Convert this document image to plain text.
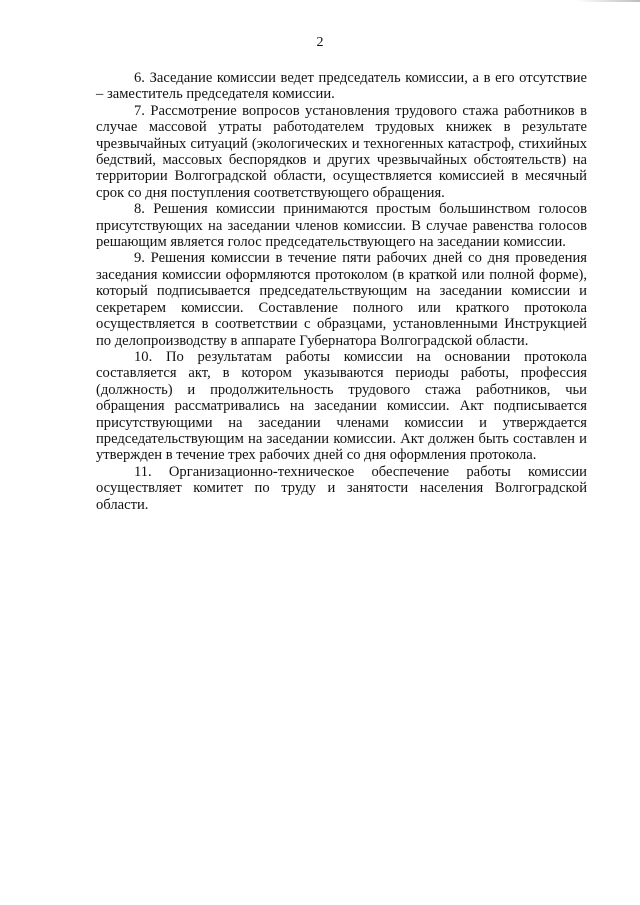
2

6. Заседание комиссии ведет председатель комиссии, а в его отсутствие – заместитель председателя комиссии.

7. Рассмотрение вопросов установления трудового стажа работников в случае массовой утраты работодателем трудовых книжек в результате чрезвычайных ситуаций (экологических и техногенных катастроф, стихийных бедствий, массовых беспорядков и других чрезвычайных обстоятельств) на территории Волгоградской области, осуществляется комиссией в месячный срок со дня поступления соответствующего обращения.

8. Решения комиссии принимаются простым большинством голосов присутствующих на заседании членов комиссии. В случае равенства голосов решающим является голос председательствующего на заседании комиссии.

9. Решения комиссии в течение пяти рабочих дней со дня проведения заседания комиссии оформляются протоколом (в краткой или полной форме), который подписывается председательствующим на заседании комиссии и секретарем комиссии. Составление полного или краткого протокола осуществляется в соответствии с образцами, установленными Инструкцией по делопроизводству в аппарате Губернатора Волгоградской области.

10. По результатам работы комиссии на основании протокола составляется акт, в котором указываются периоды работы, профессия (должность) и продолжительность трудового стажа работников, чьи обращения рассматривались на заседании комиссии. Акт подписывается присутствующими на заседании членами комиссии и утверждается председательствующим на заседании комиссии. Акт должен быть составлен и утвержден в течение трех рабочих дней со дня оформления протокола.

11. Организационно-техническое обеспечение работы комиссии осуществляет комитет по труду и занятости населения Волгоградской области.
